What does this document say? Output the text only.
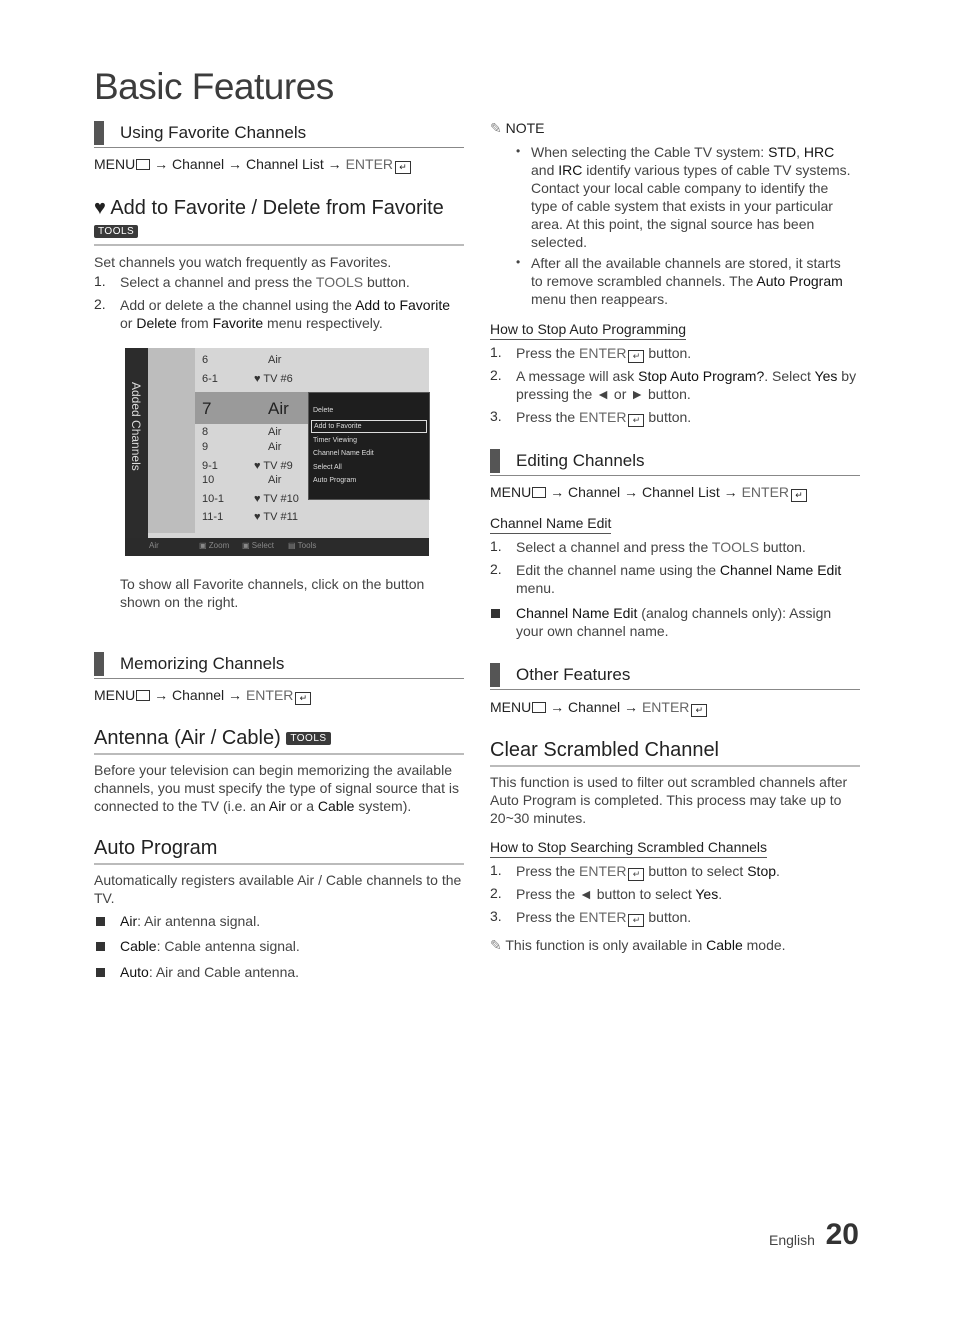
Basic Features
Using Favorite Channels
MENU → Channel → Channel List → ENTER ↵
♥ Add to Favorite / Delete from Favorite
TOOLS
Set channels you watch frequently as Favorites.
1. Select a channel and press the TOOLS button.
2. Add or delete a the channel using the Add to Favorite or Delete from Favorite menu respectively.
Added Channels
6	Air
6-1	♥ TV #6
7	Air
8	Air
9	Air
9-1	♥ TV #9
10	Air
10-1	♥ TV #10
11-1	♥ TV #11
Delete
Add to Favorite
Timer Viewing
Channel Name Edit
Select All
Auto Program
Air	▣ Zoom ▣ Select ▤ Tools
To show all Favorite channels, click on the button shown on the right.
Memorizing Channels
MENU → Channel → ENTER ↵
Antenna (Air / Cable) TOOLS
Before your television can begin memorizing the available channels, you must specify the type of signal source that is connected to the TV (i.e. an Air or a Cable system).
Auto Program
Automatically registers available Air / Cable channels to the TV.
Air: Air antenna signal.
Cable: Cable antenna signal.
Auto: Air and Cable antenna.
✎ NOTE
• When selecting the Cable TV system: STD, HRC and IRC identify various types of cable TV systems. Contact your local cable company to identify the type of cable system that exists in your particular area. At this point, the signal source has been selected.
• After all the available channels are stored, it starts to remove scrambled channels. The Auto Program menu then reappears.
How to Stop Auto Programming
1. Press the ENTER ↵ button.
2. A message will ask Stop Auto Program?. Select Yes by pressing the ◄ or ► button.
3. Press the ENTER ↵ button.
Editing Channels
MENU → Channel → Channel List → ENTER ↵
Channel Name Edit
1. Select a channel and press the TOOLS button.
2. Edit the channel name using the Channel Name Edit menu.
Channel Name Edit (analog channels only): Assign your own channel name.
Other Features
MENU → Channel → ENTER ↵
Clear Scrambled Channel
This function is used to filter out scrambled channels after Auto Program is completed. This process may take up to 20~30 minutes.
How to Stop Searching Scrambled Channels
1. Press the ENTER ↵ button to select Stop.
2. Press the ◄ button to select Yes.
3. Press the ENTER ↵ button.
✎ This function is only available in Cable mode.
English 20
